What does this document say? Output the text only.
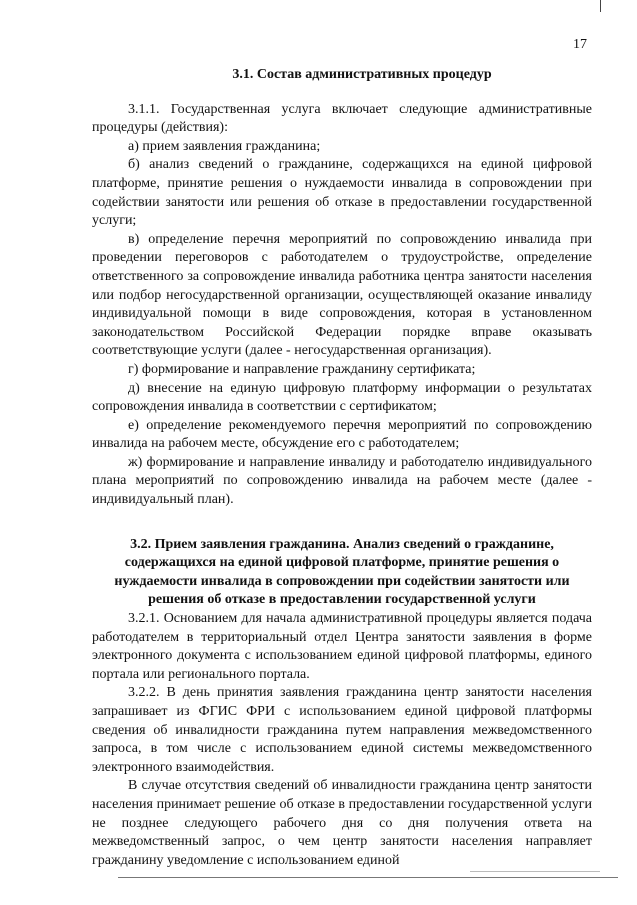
17
3.1. Состав административных процедур

3.1.1. Государственная услуга включает следующие административные процедуры (действия):

а) прием заявления гражданина;

б) анализ сведений о гражданине, содержащихся на единой цифровой платформе, принятие решения о нуждаемости инвалида в сопровождении при содействии занятости или решения об отказе в предоставлении государственной услуги;

в) определение перечня мероприятий по сопровождению инвалида при проведении переговоров с работодателем о трудоустройстве, определение ответственного за сопровождение инвалида работника центра занятости населения или подбор негосударственной организации, осуществляющей оказание инвалиду индивидуальной помощи в виде сопровождения, которая в установленном законодательством Российской Федерации порядке вправе оказывать соответствующие услуги (далее - негосударственная организация).

г) формирование и направление гражданину сертификата;

д) внесение на единую цифровую платформу информации о результатах сопровождения инвалида в соответствии с сертификатом;

е) определение рекомендуемого перечня мероприятий по сопровождению инвалида на рабочем месте, обсуждение его с работодателем;

ж) формирование и направление инвалиду и работодателю индивидуального плана мероприятий по сопровождению инвалида на рабочем месте (далее - индивидуальный план).

3.2. Прием заявления гражданина. Анализ сведений о гражданине, содержащихся на единой цифровой платформе, принятие решения о нуждаемости инвалида в сопровождении при содействии занятости или решения об отказе в предоставлении государственной услуги

3.2.1. Основанием для начала административной процедуры является подача работодателем в территориальный отдел Центра занятости заявления в форме электронного документа с использованием единой цифровой платформы, единого портала или регионального портала.

3.2.2. В день принятия заявления гражданина центр занятости населения запрашивает из ФГИС ФРИ с использованием единой цифровой платформы сведения об инвалидности гражданина путем направления межведомственного запроса, в том числе с использованием единой системы межведомственного электронного взаимодействия.

В случае отсутствия сведений об инвалидности гражданина центр занятости населения принимает решение об отказе в предоставлении государственной услуги не позднее следующего рабочего дня со дня получения ответа на межведомственный запрос, о чем центр занятости населения направляет гражданину уведомление с использованием единой
